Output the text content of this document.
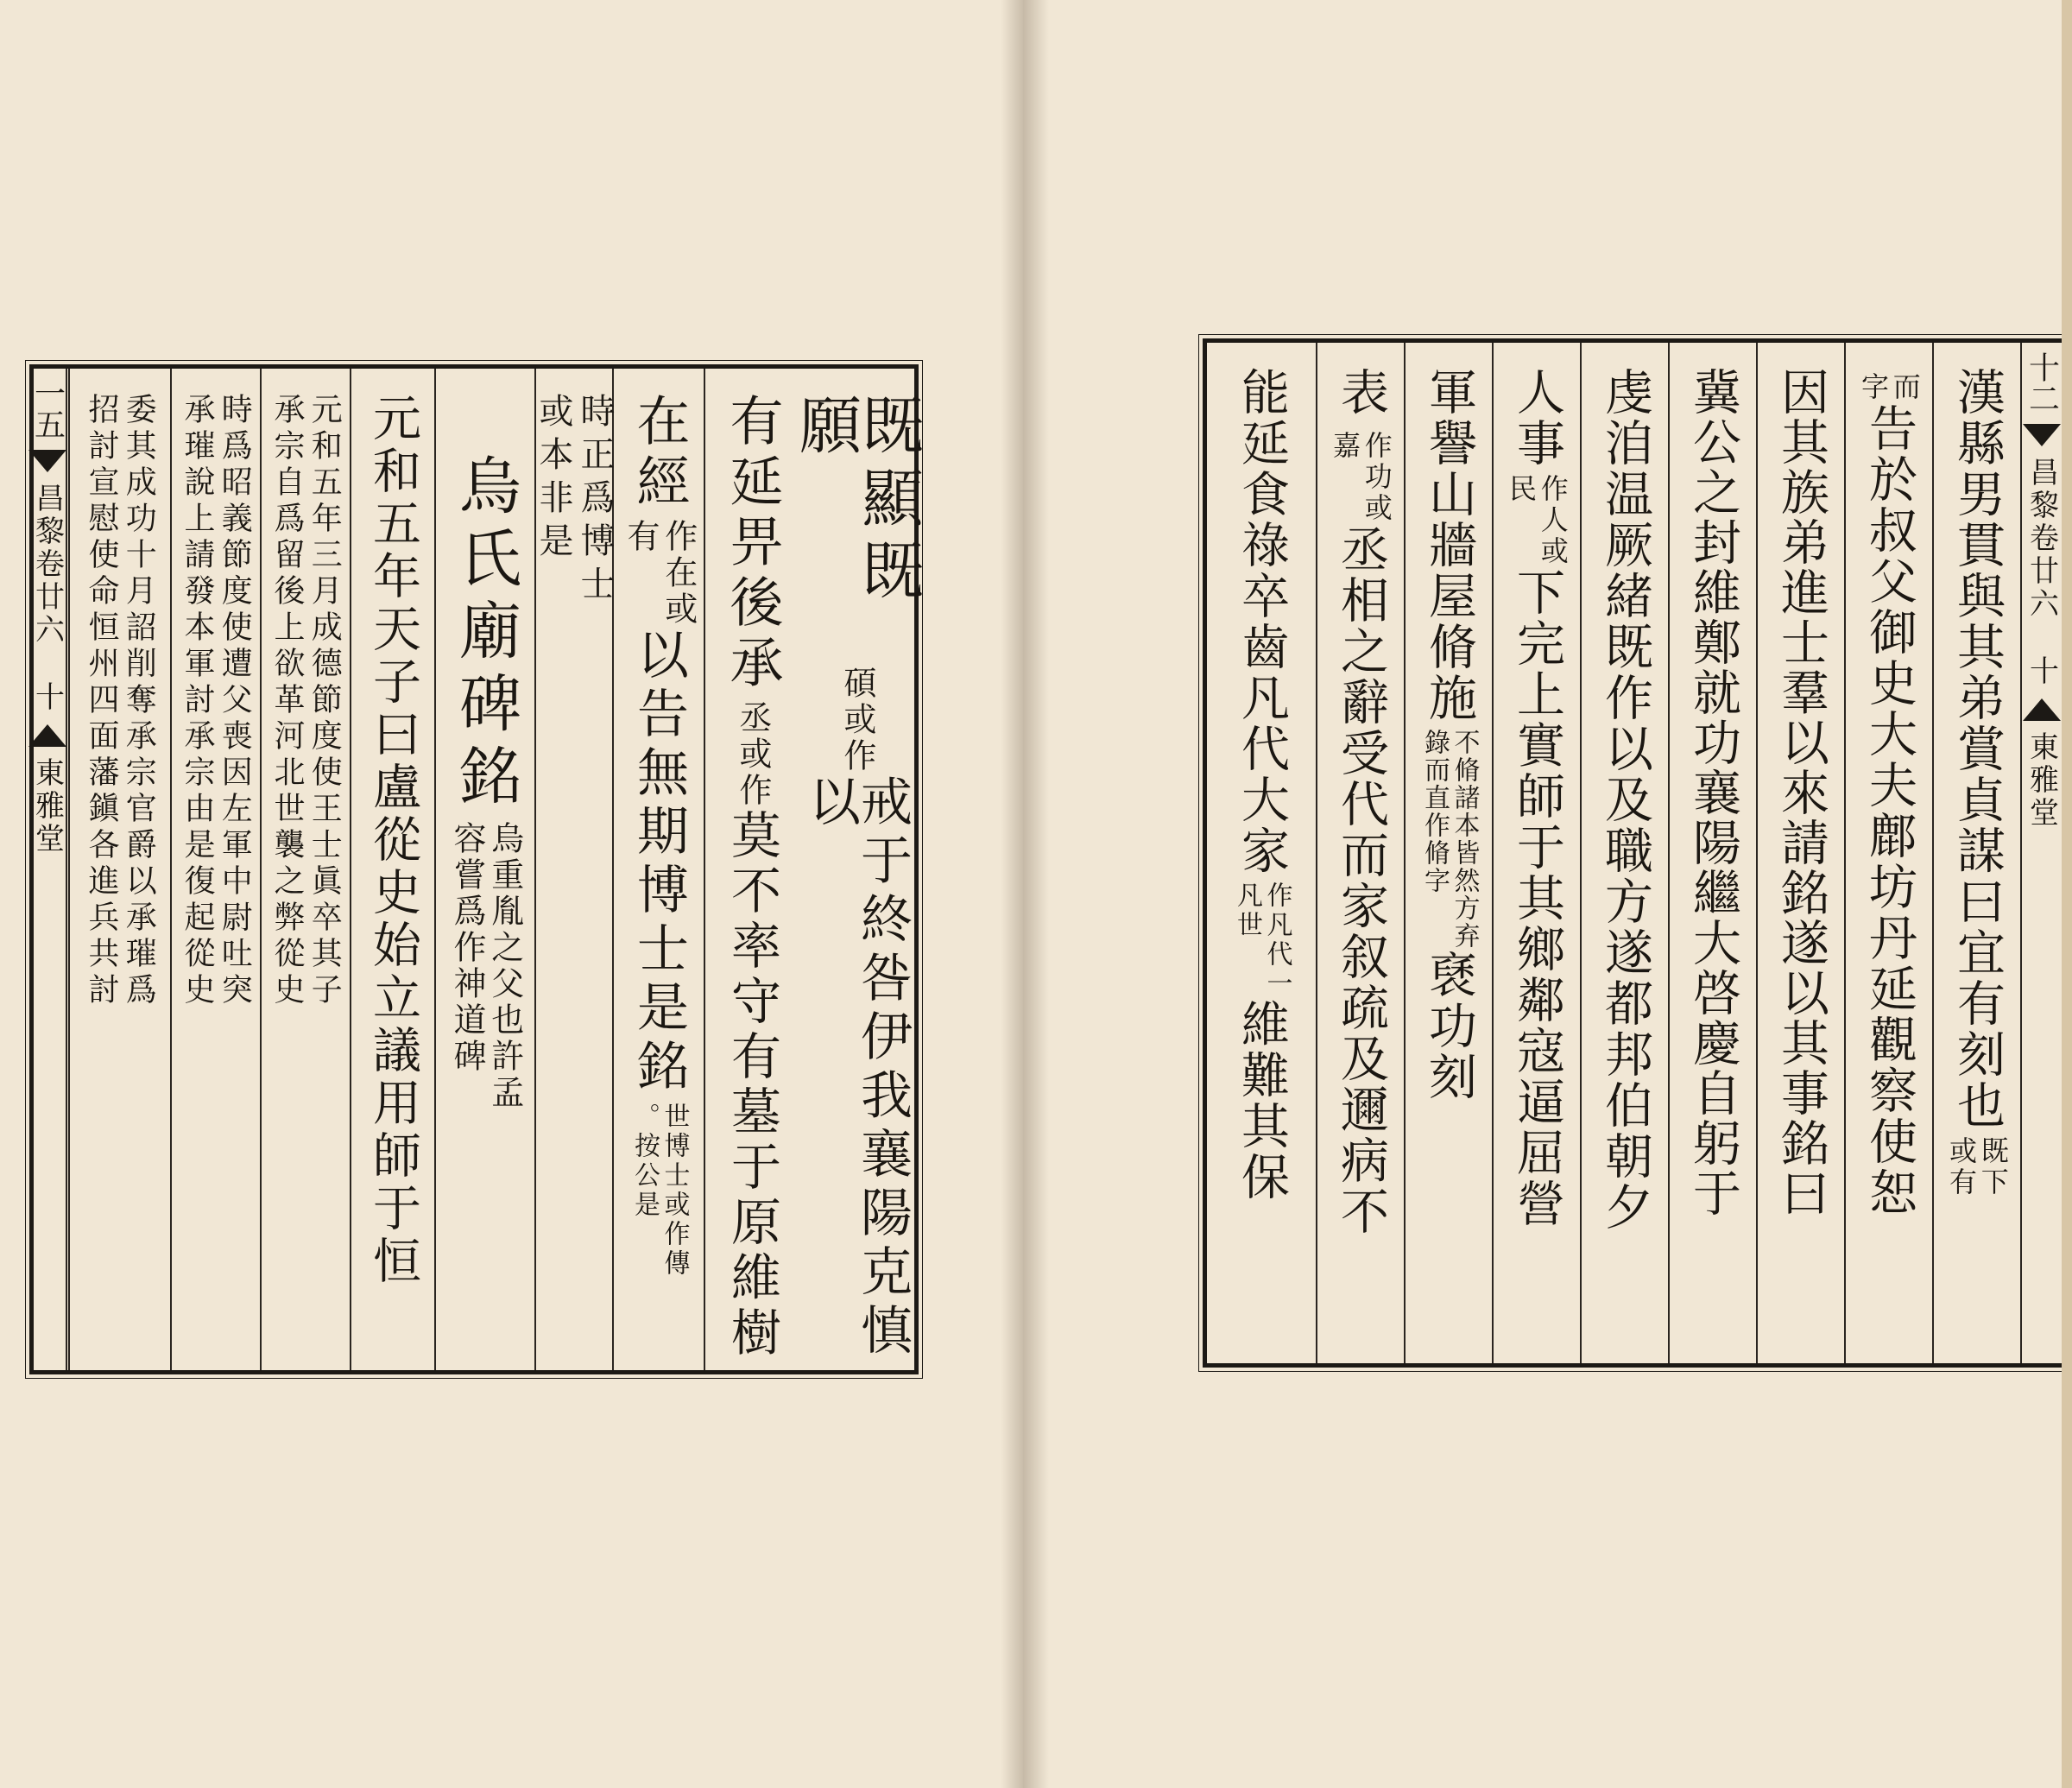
一五
昌黎卷廿六
十
東雅堂
既顯既願
碩或作
戒于終咎伊我襄陽克慎以
有延畀後承
丞或作
莫不率守有墓于原維樹
在經
作在或
有
以告無期博士是銘
世博士或作傳
。按公是
時正爲博士
或本非是
烏氏廟碑銘
烏重胤之父也許孟
容嘗爲作神道碑
元和五年天子曰盧從史始立議用師于恒
元和五年三月成德節度使王士眞卒其子
承宗自爲留後上欲革河北世襲之弊從史
時爲昭義節度使遭父喪因左軍中尉吐突
承璀說上請發本軍討承宗由是復起從史
委其成功十月詔削奪承宗官爵以承璀爲
招討宣慰使命恒州四面藩鎭各進兵共討
十二
昌黎卷廿六
十
東雅堂
漢縣男貫與其弟賞貞謀曰宜有刻也
既下
或有
而
字
告於叔父御史大夫鄜坊丹延觀察使恕
因其族弟進士羣以來請銘遂以其事銘曰
冀公之封維鄭就功襄陽繼大啓慶自躬于
虔洎温厥緒既作以及職方遂都邦伯朝夕
人事
作人或
民
下完上實師于其鄉鄰寇逼屈營
軍譽山牆屋脩施
不脩諸本皆然方弃
錄而直作脩字
褎功刻
表
作功或
嘉
丞相之辭受代而家叙疏及邇病不
能延食祿卒齒凡代大家
作凡代一
凡世
維難其保
